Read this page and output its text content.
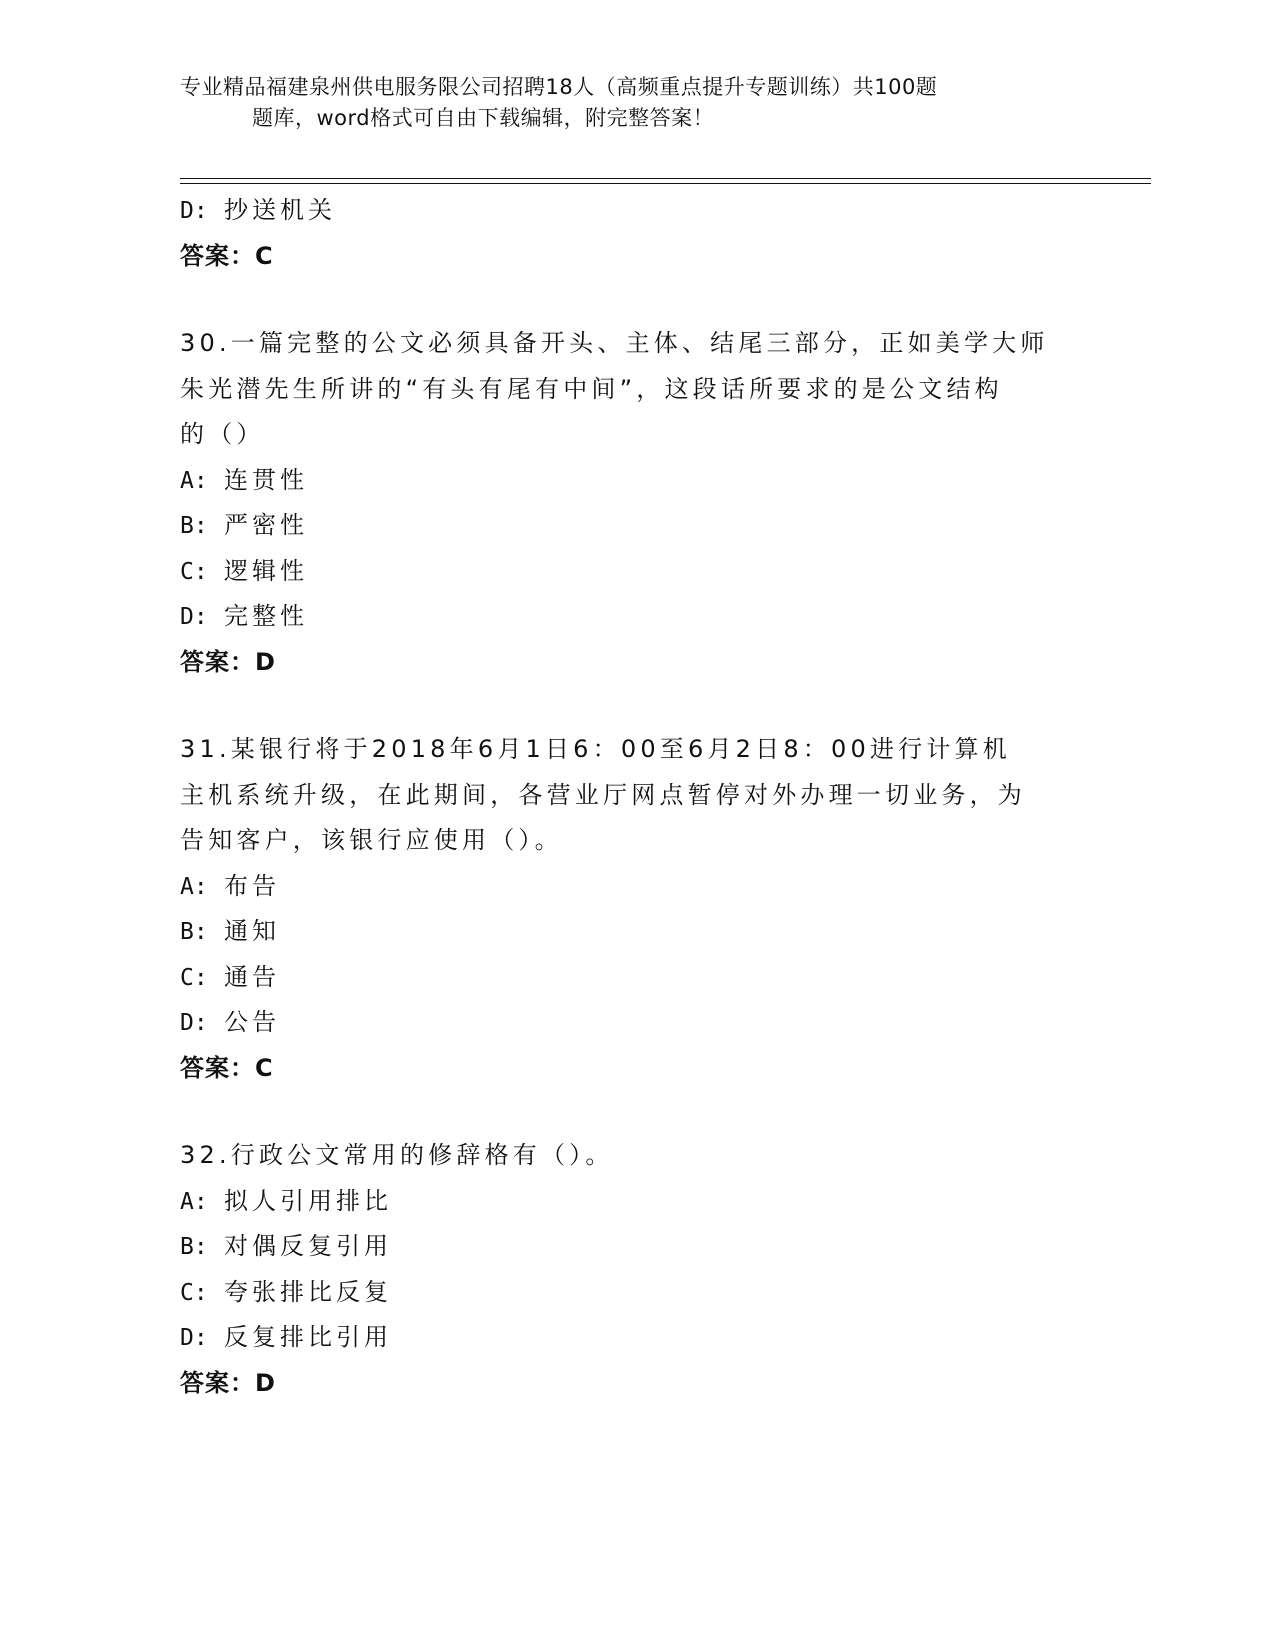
专业精品福建泉州供电服务限公司招聘18人（高频重点提升专题训练）共100题
题库，word格式可自由下载编辑，附完整答案！
D: 抄送机关
答案：C
30.一篇完整的公文必须具备开头、主体、结尾三部分，正如美学大师
朱光潜先生所讲的“有头有尾有中间”，这段话所要求的是公文结构
的（）
A: 连贯性
B: 严密性
C: 逻辑性
D: 完整性
答案：D
31.某银行将于2018年6月1日6：00至6月2日8：00进行计算机
主机系统升级，在此期间，各营业厅网点暂停对外办理一切业务，为
告知客户，该银行应使用（）。
A: 布告
B: 通知
C: 通告
D: 公告
答案：C
32.行政公文常用的修辞格有（）。
A: 拟人引用排比
B: 对偶反复引用
C: 夸张排比反复
D: 反复排比引用
答案：D
